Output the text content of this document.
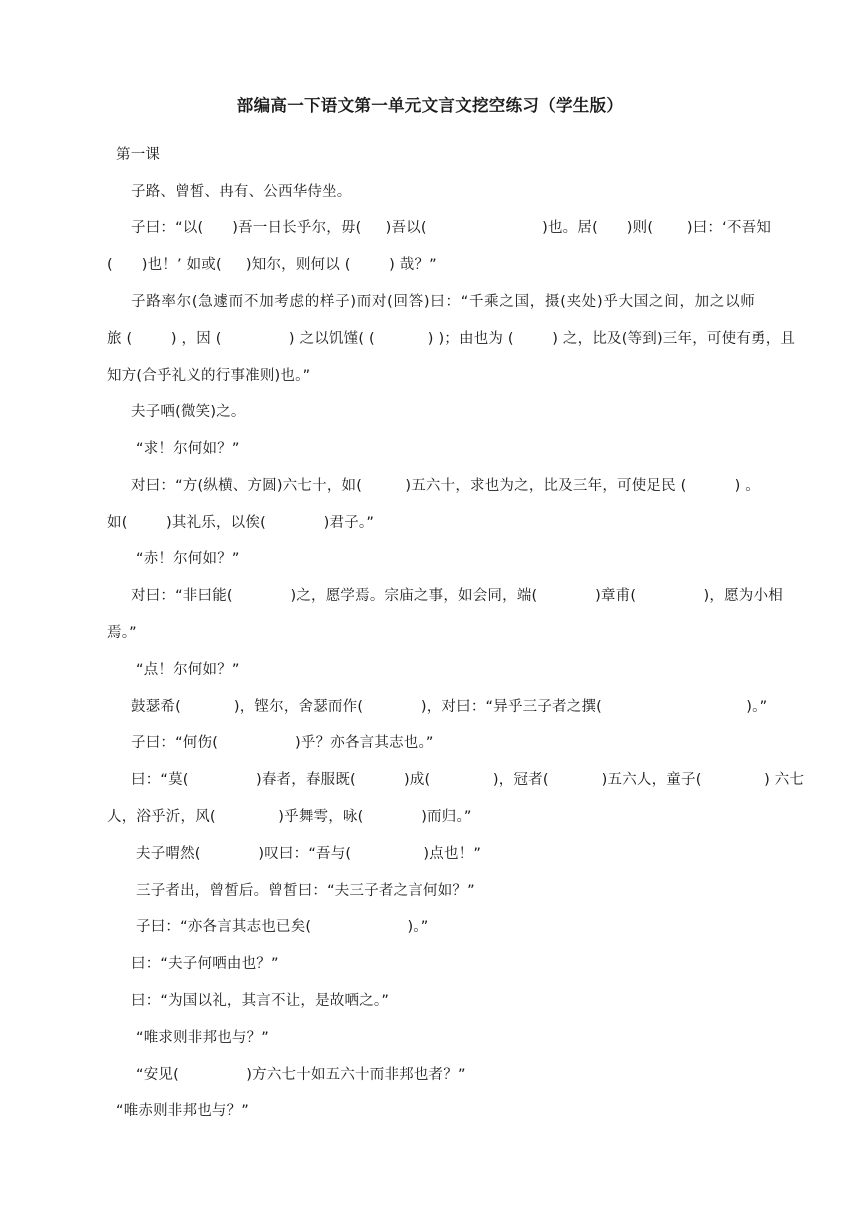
部编高一下语文第一单元文言文挖空练习（学生版）
第一课
子路、曾皙、冉有、公西华侍坐。
子曰：“以(      )吾一日长乎尔，毋(     )吾以(                        )也。居(      )则(       )曰：‘不吾知
(      )也！’ 如或(     )知尔，则何以 (        ) 哉？”
子路率尔(急遽而不加考虑的样子)而对(回答)曰：“千乘之国，摄(夹处)乎大国之间，加之以师
旅 (        ) ，因 (              ) 之以饥馑( (           ) )；由也为 (        ) 之，比及(等到)三年，可使有勇，且
知方(合乎礼义的行事准则)也。”
夫子哂(微笑)之。
“求！尔何如？”
对曰：“方(纵横、方圆)六七十，如(         )五六十，求也为之，比及三年，可使足民 (          ) 。
如(        )其礼乐，以俟(            )君子。”
“赤！尔何如？”
对曰：“非曰能(            )之，愿学焉。宗庙之事，如会同，端(            )章甫(              )，愿为小相
焉。”
“点！尔何如？”
鼓瑟希(           )，铿尔，舍瑟而作(            )，对曰：“异乎三子者之撰(                              )。”
子曰：“何伤(                )乎？亦各言其志也。”
曰：“莫(              )春者，春服既(          )成(             )，冠者(           )五六人，童子(             ) 六七
人，浴乎沂，风(             )乎舞雩，咏(            )而归。”
夫子喟然(            )叹曰：“吾与(               )点也！”
三子者出，曾皙后。曾皙曰：“夫三子者之言何如？”
子曰：“亦各言其志也已矣(                    )。”
曰：“夫子何哂由也？”
曰：“为国以礼，其言不让，是故哂之。”
“唯求则非邦也与？”
“安见(              )方六七十如五六十而非邦也者？”
“唯赤则非邦也与？”
